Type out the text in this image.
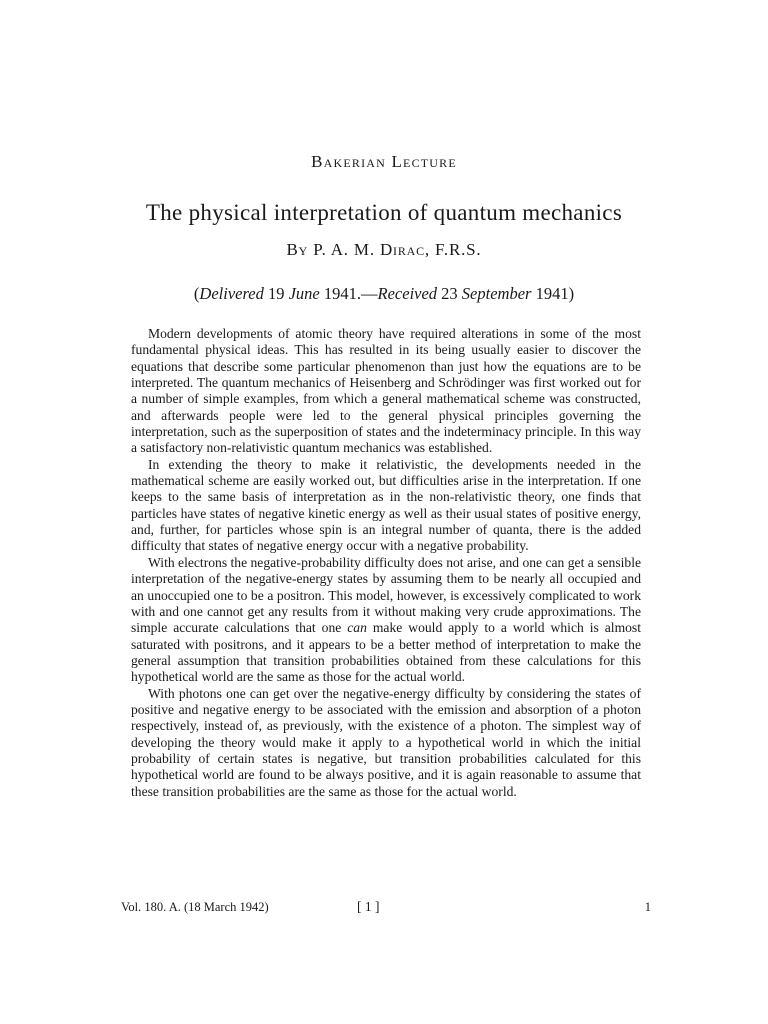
Bakerian Lecture
The physical interpretation of quantum mechanics
By P. A. M. Dirac, F.R.S.
(Delivered 19 June 1941.—Received 23 September 1941)

Modern developments of atomic theory have required alterations in some of the most fundamental physical ideas. This has resulted in its being usually easier to discover the equations that describe some particular phenomenon than just how the equations are to be interpreted. The quantum mechanics of Heisenberg and Schrödinger was first worked out for a number of simple examples, from which a general mathematical scheme was constructed, and afterwards people were led to the general physical principles governing the interpretation, such as the superposition of states and the indeterminacy principle. In this way a satisfactory non-relativistic quantum mechanics was established.

In extending the theory to make it relativistic, the developments needed in the mathematical scheme are easily worked out, but difficulties arise in the interpretation. If one keeps to the same basis of interpretation as in the non-relativistic theory, one finds that particles have states of negative kinetic energy as well as their usual states of positive energy, and, further, for particles whose spin is an integral number of quanta, there is the added difficulty that states of negative energy occur with a negative probability.

With electrons the negative-probability difficulty does not arise, and one can get a sensible interpretation of the negative-energy states by assuming them to be nearly all occupied and an unoccupied one to be a positron. This model, however, is excessively complicated to work with and one cannot get any results from it without making very crude approximations. The simple accurate calculations that one can make would apply to a world which is almost saturated with positrons, and it appears to be a better method of interpretation to make the general assumption that transition probabilities obtained from these calculations for this hypothetical world are the same as those for the actual world.

With photons one can get over the negative-energy difficulty by considering the states of positive and negative energy to be associated with the emission and absorption of a photon respectively, instead of, as previously, with the existence of a photon. The simplest way of developing the theory would make it apply to a hypothetical world in which the initial probability of certain states is negative, but transition probabilities calculated for this hypothetical world are found to be always positive, and it is again reasonable to assume that these transition probabilities are the same as those for the actual world.

Vol. 180. A. (18 March 1942)	[ 1 ]	1
